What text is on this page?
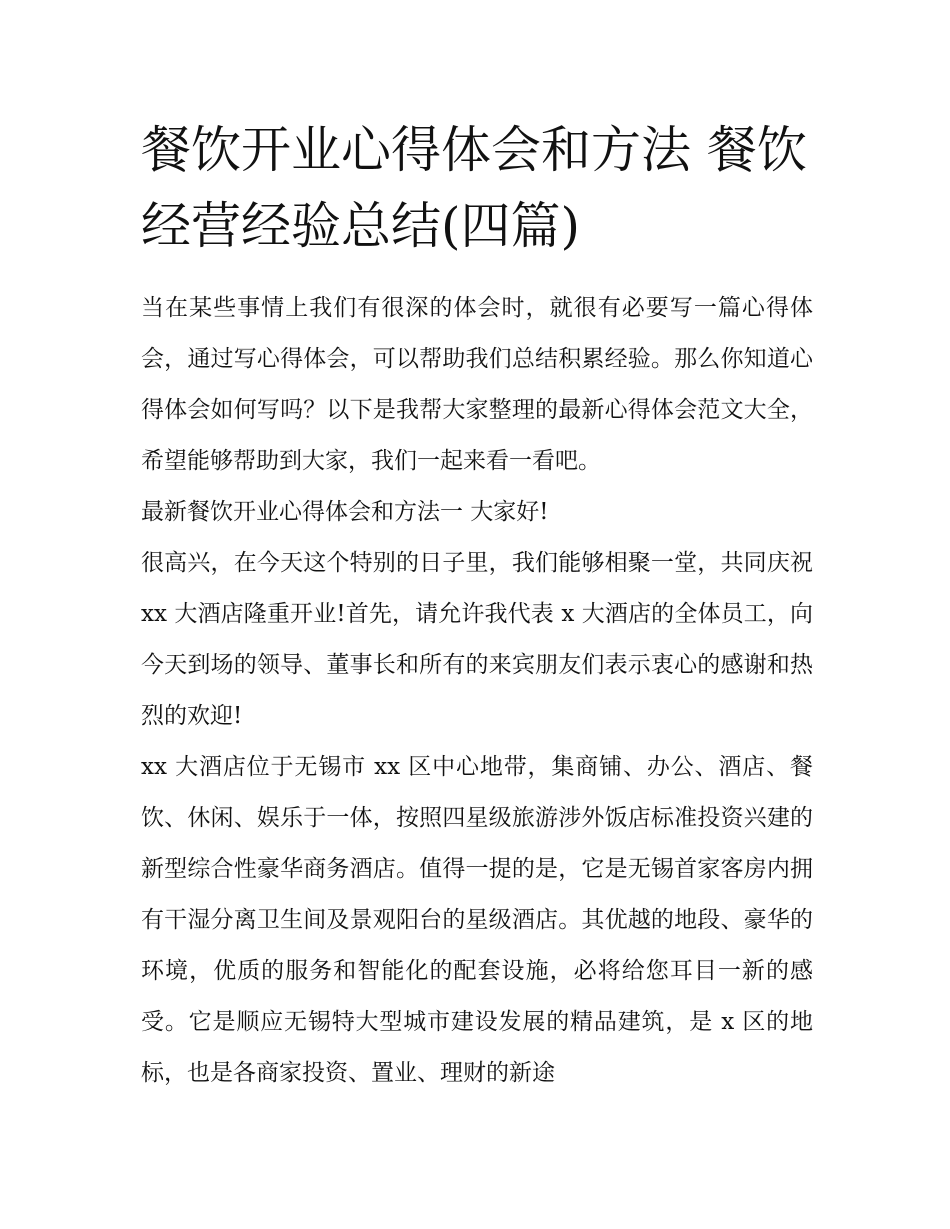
餐饮开业心得体会和方法 餐饮经营经验总结(四篇)

当在某些事情上我们有很深的体会时，就很有必要写一篇心得体会，通过写心得体会，可以帮助我们总结积累经验。那么你知道心得体会如何写吗？以下是我帮大家整理的最新心得体会范文大全，希望能够帮助到大家，我们一起来看一看吧。

最新餐饮开业心得体会和方法一 大家好!

很高兴，在今天这个特别的日子里，我们能够相聚一堂，共同庆祝 xx 大酒店隆重开业!首先，请允许我代表 x 大酒店的全体员工，向今天到场的领导、董事长和所有的来宾朋友们表示衷心的感谢和热烈的欢迎!

xx 大酒店位于无锡市 xx 区中心地带，集商铺、办公、酒店、餐饮、休闲、娱乐于一体，按照四星级旅游涉外饭店标准投资兴建的新型综合性豪华商务酒店。值得一提的是，它是无锡首家客房内拥有干湿分离卫生间及景观阳台的星级酒店。其优越的地段、豪华的环境，优质的服务和智能化的配套设施，必将给您耳目一新的感受。它是顺应无锡特大型城市建设发展的精品建筑，是 x 区的地标，也是各商家投资、置业、理财的新途
